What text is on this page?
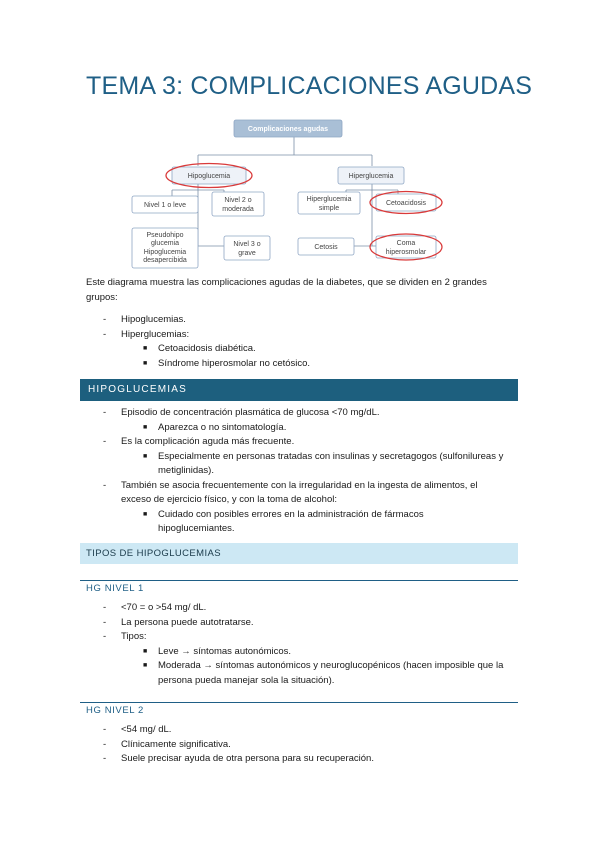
TEMA 3: COMPLICACIONES AGUDAS
Complicaciones agudas
Hipoglucemia	Hiperglucemia
Nivel 1 o leve
Nivel 2 o
moderada
Pseudohipo
glucemia
Hipoglucemia
desapercibida
Nivel 3 o
grave
Hiperglucemia
simple
Cetoacidosis
Cetosis
Coma
hiperosmolar
Este diagrama muestra las complicaciones agudas de la diabetes, que se dividen en 2 grandes
grupos:
- Hipoglucemias.
- Hiperglucemias:
■ Cetoacidosis diabética.
■ Síndrome hiperosmolar no cetósico.
HIPOGLUCEMIAS
- Episodio de concentración plasmática de glucosa <70 mg/dL.
■ Aparezca o no sintomatología.
- Es la complicación aguda más frecuente.
■ Especialmente en personas tratadas con insulinas y secretagogos (sulfonilureas y
metiglinidas).
- También se asocia frecuentemente con la irregularidad en la ingesta de alimentos, el
exceso de ejercicio físico, y con la toma de alcohol:
■ Cuidado con posibles errores en la administración de fármacos
hipoglucemiantes.
TIPOS DE HIPOGLUCEMIAS
HG NIVEL 1
- <70 = o >54 mg/ dL.
- La persona puede autotratarse.
- Tipos:
■ Leve → síntomas autonómicos.
■ Moderada → síntomas autonómicos y neuroglucopénicos (hacen imposible que la
persona pueda manejar sola la situación).
HG NIVEL 2
- <54 mg/ dL.
- Clínicamente significativa.
- Suele precisar ayuda de otra persona para su recuperación.
